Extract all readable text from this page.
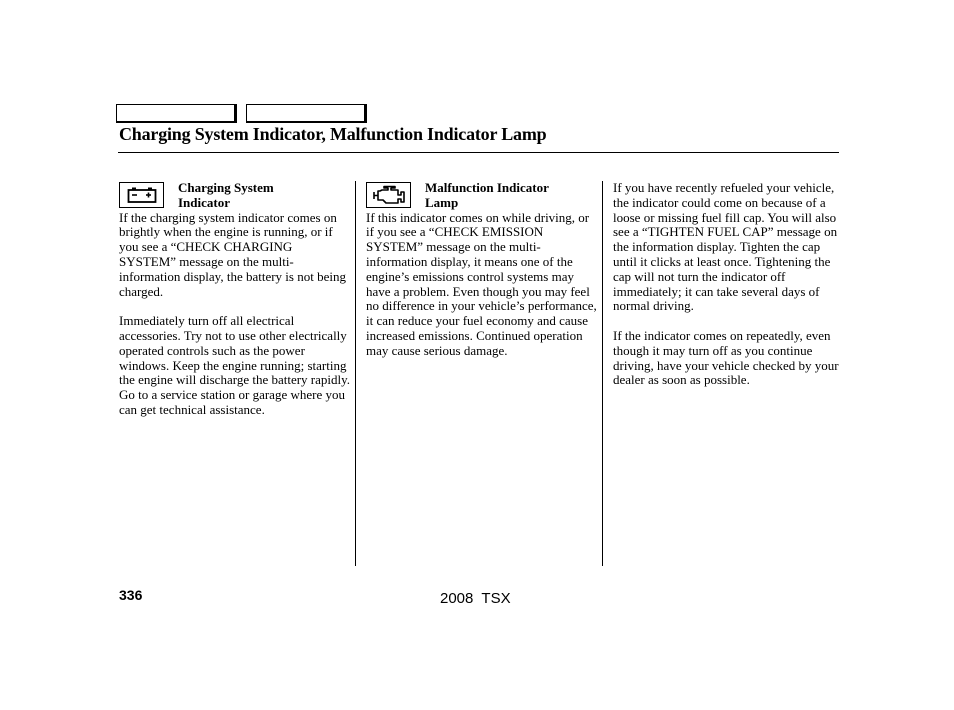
Charging System Indicator, Malfunction Indicator Lamp
Charging System
Indicator

If the charging system indicator comes on brightly when the engine is running, or if you see a “CHECK CHARGING SYSTEM” message on the multi-information display, the battery is not being charged.

Immediately turn off all electrical accessories. Try not to use other electrically operated controls such as the power windows. Keep the engine running; starting the engine will discharge the battery rapidly.

Go to a service station or garage where you can get technical assistance.

Malfunction Indicator
Lamp

If this indicator comes on while driving, or if you see a “CHECK EMISSION SYSTEM” message on the multi-information display, it means one of the engine’s emissions control systems may have a problem. Even though you may feel no difference in your vehicle’s performance, it can reduce your fuel economy and cause increased emissions. Continued operation may cause serious damage.

If you have recently refueled your vehicle, the indicator could come on because of a loose or missing fuel fill cap. You will also see a “TIGHTEN FUEL CAP” message on the information display. Tighten the cap until it clicks at least once. Tightening the cap will not turn the indicator off immediately; it can take several days of normal driving.

If the indicator comes on repeatedly, even though it may turn off as you continue driving, have your vehicle checked by your dealer as soon as possible.

336	2008  TSX
